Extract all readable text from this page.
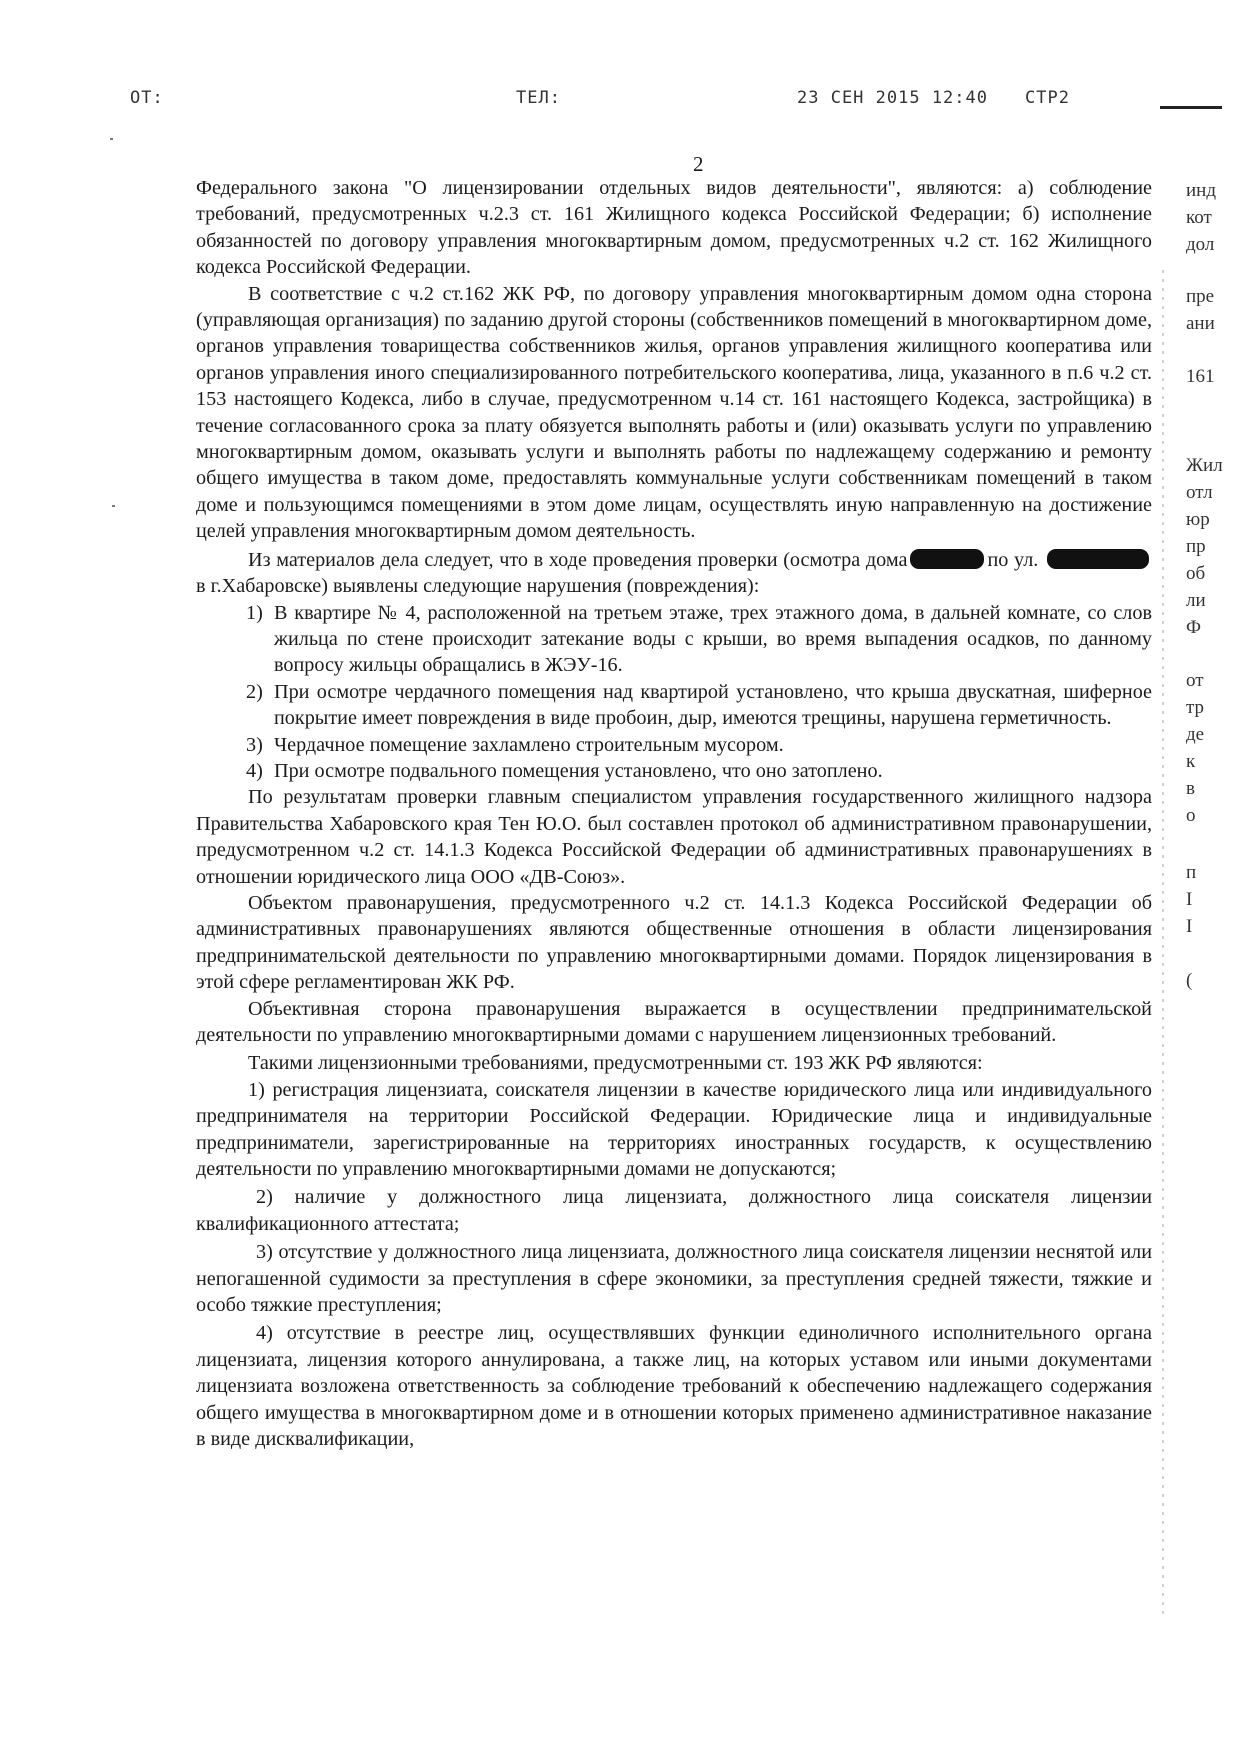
ОТ:	ТЕЛ:	23 СЕН 2015 12:40 СТР2
2

Федерального закона "О лицензировании отдельных видов деятельности", являются: а) соблюдение требований, предусмотренных ч.2.3 ст. 161 Жилищного кодекса Российской Федерации; б) исполнение обязанностей по договору управления многоквартирным домом, предусмотренных ч.2 ст. 162 Жилищного кодекса Российской Федерации.

В соответствие с ч.2 ст.162 ЖК РФ, по договору управления многоквартирным домом одна сторона (управляющая организация) по заданию другой стороны (собственников помещений в многоквартирном доме, органов управления товарищества собственников жилья, органов управления жилищного кооператива или органов управления иного специализированного потребительского кооператива, лица, указанного в п.6 ч.2 ст. 153 настоящего Кодекса, либо в случае, предусмотренном ч.14 ст. 161 настоящего Кодекса, застройщика) в течение согласованного срока за плату обязуется выполнять работы и (или) оказывать услуги по управлению многоквартирным домом, оказывать услуги и выполнять работы по надлежащему содержанию и ремонту общего имущества в таком доме, предоставлять коммунальные услуги собственникам помещений в таком доме и пользующимся помещениями в этом доме лицам, осуществлять иную направленную на достижение целей управления многоквартирным домом деятельность.

Из материалов дела следует, что в ходе проведения проверки (осмотра дома	по ул. в г.Хабаровске) выявлены следующие нарушения (повреждения):

1) В квартире № 4, расположенной на третьем этаже, трех этажного дома, в дальней комнате, со слов жильца по стене происходит затекание воды с крыши, во время выпадения осадков, по данному вопросу жильцы обращались в ЖЭУ-16.
2) При осмотре чердачного помещения над квартирой установлено, что крыша двускатная, шиферное покрытие имеет повреждения в виде пробоин, дыр, имеются трещины, нарушена герметичность.
3) Чердачное помещение захламлено строительным мусором.
4) При осмотре подвального помещения установлено, что оно затоплено.

По результатам проверки главным специалистом управления государственного жилищного надзора Правительства Хабаровского края Тен Ю.О. был составлен протокол об административном правонарушении, предусмотренном ч.2 ст. 14.1.3 Кодекса Российской Федерации об административных правонарушениях в отношении юридического лица ООО «ДВ-Союз».

Объектом правонарушения, предусмотренного ч.2 ст. 14.1.3 Кодекса Российской Федерации об административных правонарушениях являются общественные отношения в области лицензирования предпринимательской деятельности по управлению многоквартирными домами. Порядок лицензирования в этой сфере регламентирован ЖК РФ.

Объективная сторона правонарушения выражается в осуществлении предпринимательской деятельности по управлению многоквартирными домами с нарушением лицензионных требований.

Такими лицензионными требованиями, предусмотренными ст. 193 ЖК РФ являются:

1) регистрация лицензиата, соискателя лицензии в качестве юридического лица или индивидуального предпринимателя на территории Российской Федерации. Юридические лица и индивидуальные предприниматели, зарегистрированные на территориях иностранных государств, к осуществлению деятельности по управлению многоквартирными домами не допускаются;

2) наличие у должностного лица лицензиата, должностного лица соискателя лицензии квалификационного аттестата;

3) отсутствие у должностного лица лицензиата, должностного лица соискателя лицензии неснятой или непогашенной судимости за преступления в сфере экономики, за преступления средней тяжести, тяжкие и особо тяжкие преступления;

4) отсутствие в реестре лиц, осуществлявших функции единоличного исполнительного органа лицензиата, лицензия которого аннулирована, а также лиц, на которых уставом или иными документами лицензиата возложена ответственность за соблюдение требований к обеспечению надлежащего содержания общего имущества в многоквартирном доме и в отношении которых применено административное наказание в виде дисквалификации,

инд
кот
дол
пре
ани
161
Жил
отл
юр
пр
об
ли
Ф
от
тр
де
к
в
о
п
I
I
(
